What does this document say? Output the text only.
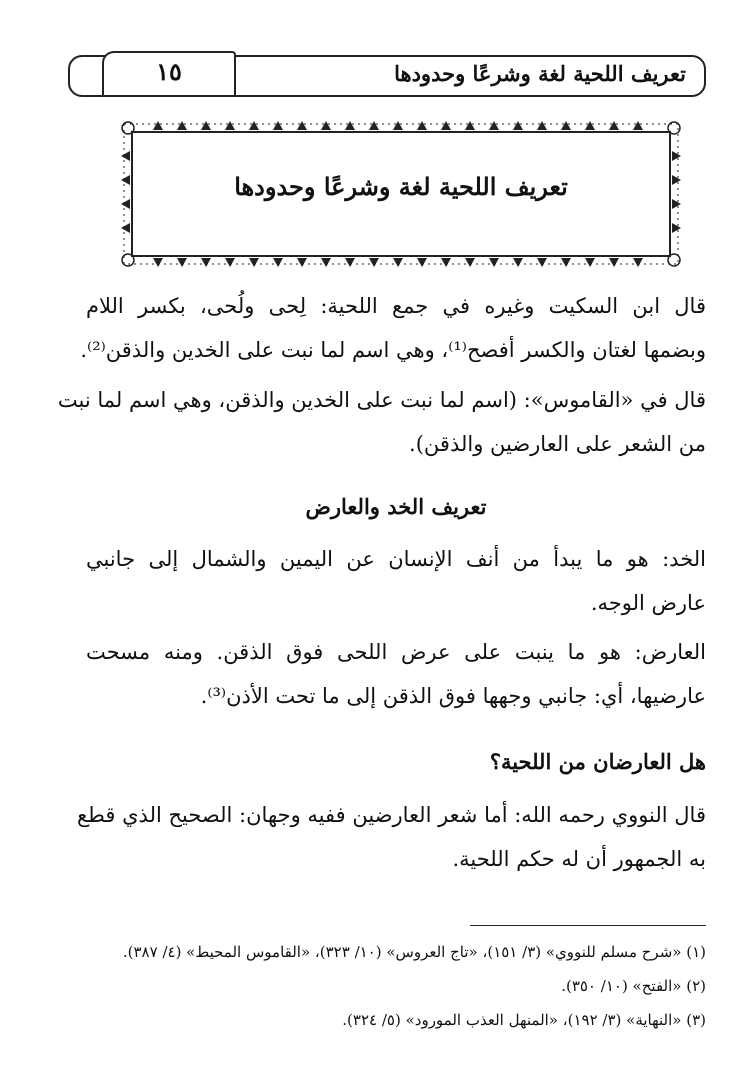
تعريف اللحية لغة وشرعًا وحدودها
١٥
تعريف اللحية لغة وشرعًا وحدودها
قال ابن السكيت وغيره في جمع اللحية: لِحى ولُحى، بكسر اللام
وبضمها لغتان والكسر أفصح⁽¹⁾، وهي اسم لما نبت على الخدين والذقن⁽²⁾.
قال في «القاموس»: (اسم لما نبت على الخدين والذقن، وهي اسم لما نبت
من الشعر على العارضين والذقن).
تعريف الخد والعارض
الخد: هو ما يبدأ من أنف الإنسان عن اليمين والشمال إلى جانبي
عارض الوجه.
العارض: هو ما ينبت على عرض اللحى فوق الذقن. ومنه مسحت
عارضيها، أي: جانبي وجهها فوق الذقن إلى ما تحت الأذن⁽³⁾.
هل العارضان من اللحية؟
قال النووي رحمه الله: أما شعر العارضين ففيه وجهان: الصحيح الذي قطع
به الجمهور أن له حكم اللحية.
(١) «شرح مسلم للنووي» (٣/ ١٥١)، «تاج العروس» (١٠/ ٣٢٣)، «القاموس المحيط» (٤/ ٣٨٧).
(٢) «الفتح» (١٠/ ٣٥٠).
(٣) «النهاية» (٣/ ١٩٢)، «المنهل العذب المورود» (٥/ ٣٢٤).
